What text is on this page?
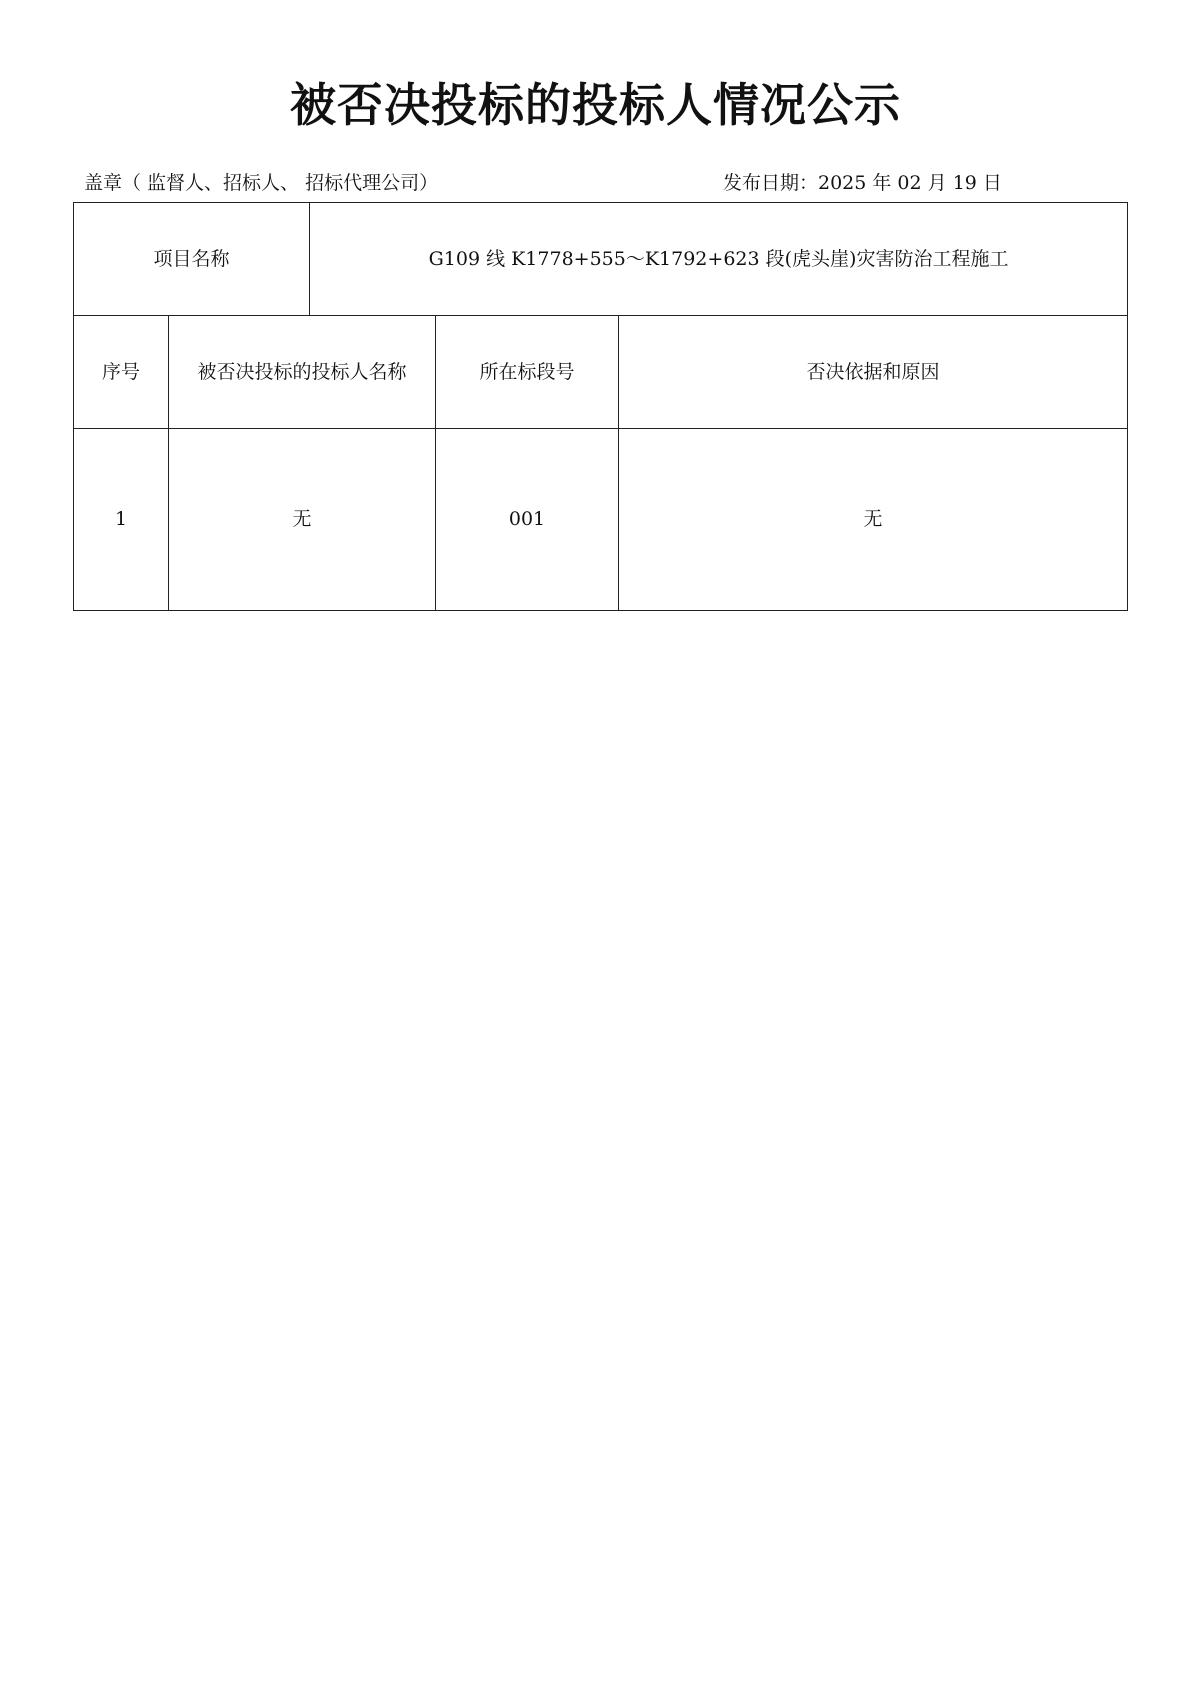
被否决投标的投标人情况公示
盖章（ 监督人、招标人、 招标代理公司）	发布日期：2025 年 02 月 19 日
项目名称		G109 线 K1778+555～K1792+623 段(虎头崖)灾害防治工程施工		
序号	被否决投标的投标人名称		所在标段号	否决依据和原因
1	无		001	无
